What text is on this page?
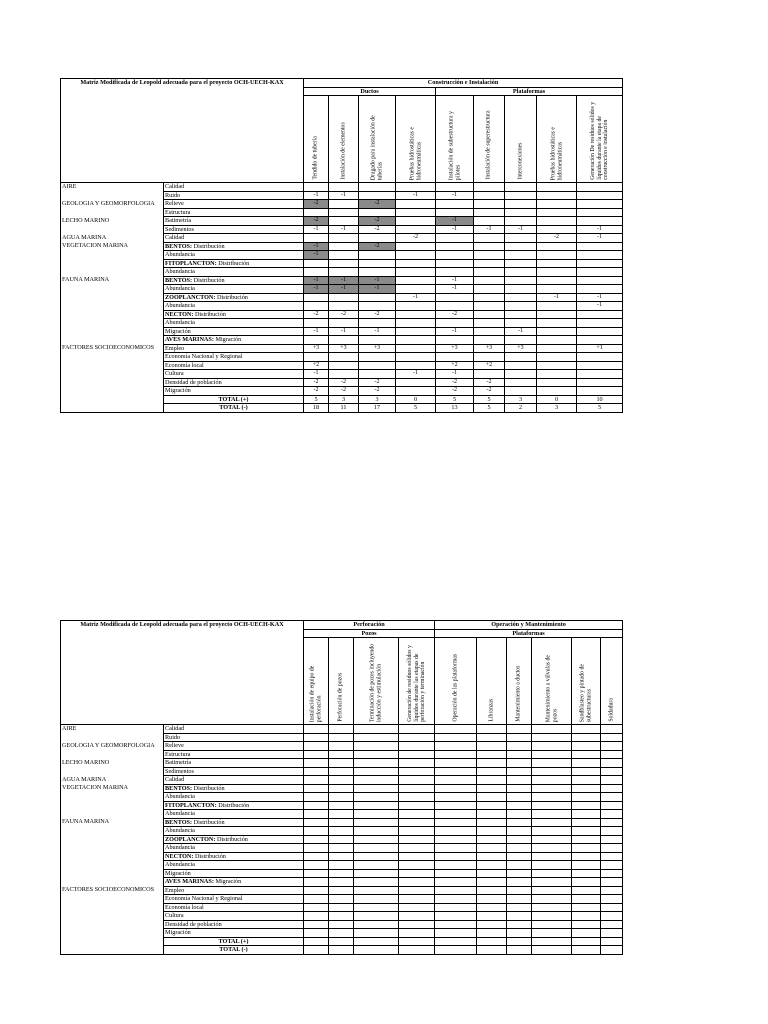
Matriz Modificada de Leopold adecuada para el proyecto OCH-UECH-KAX		Construcción e Instalación								
		Ductos				Plataformas				

		Tendido de tubería	Instalación de elementos	Dragado para instalación de tuberías	Pruebas hidrostáticas e hidroneumáticas	Instalación de subestructura y pilotes	Instalación de superestructura	Interconexiones	Pruebas hidrostáticas e hidroneumáticas	Generación De residuos sólidos y líquidos durante la etapa de construcción e instalación

AIRE	Calidad									
	Ruido	-1	-1		-1	-1				
GEOLOGIA Y GEOMORFOLOGIA	Relieve	-2		-2						
	Estructura									
LECHO MARINO	Batimetría	-2		-2		-1				
	Sedimentos	-1	-1	-2		-1	-1	-1		-1
AGUA MARINA	Calidad				-2				-2	-1
VEGETACION MARINA	BENTOS: Distribución	-1		-2						
	Abundancia	-1								
	FITOPLANCTON: Distribución									
	Abundancia									
FAUNA MARINA	BENTOS: Distribución	-1	-1	-1		-1				
	Abundancia	-1	-1	-1		-1				
	ZOOPLANCTON: Distribución				-1				-1	-1
	Abundancia									-1
	NECTON: Distribución	-2	-2	-2		-2				
	Abundancia									
	Migración	-1	-1	-1		-1		-1		
	AVES MARINAS: Migración									
FACTORES SOCIOECONOMICOS	Empleo	+3	+3	+3		+3	+3	+3		+1
	Economía Nacional y Regional									
	Economía local	+2				+2	+2			
	Cultura	-1			-1	-1				
	Densidad de población	-2	-2	-2		-2	-2			
	Migración	-2	-2	-2		-2	-2			
	TOTAL (+)	5	3	3	0	5	5	3	0	10
	TOTAL (-)	18	11	17	5	13	5	2	3	5
Matriz Modificada de Leopold adecuada para el proyecto OCH-UECH-KAX		Perforación				Operación y Mantenimiento					
		Pozos				Plataformas					

		Instalación de equipo de perforación	Perforación de pozos	Terminación de pozos incluyendo inducción y estimulación	Generación de residuos sólidos y líquidos durante las etapas de perforación y terminación	Operación de las plataformas	Libranzas	Mantenimiento a ductos	Mantenimiento a válvulas de pozos	Sandblasteo y pintado de subestructuras	Soldadura

AIRE	Calidad										
	Ruido										
GEOLOGIA Y GEOMORFOLOGIA	Relieve										
	Estructura										
LECHO MARINO	Batimetría										
	Sedimentos										
AGUA MARINA	Calidad										
VEGETACION MARINA	BENTOS: Distribución										
	Abundancia										
	FITOPLANCTON: Distribución										
	Abundancia										
FAUNA MARINA	BENTOS: Distribución										
	Abundancia										
	ZOOPLANCTON: Distribución										
	Abundancia										
	NECTON: Distribución										
	Abundancia										
	Migración										
	AVES MARINAS: Migración										
FACTORES SOCIOECONOMICOS	Empleo										
	Economía Nacional y Regional										
	Economía local										
	Cultura										
	Densidad de población										
	Migración										
	TOTAL (+)										
	TOTAL (-)										
